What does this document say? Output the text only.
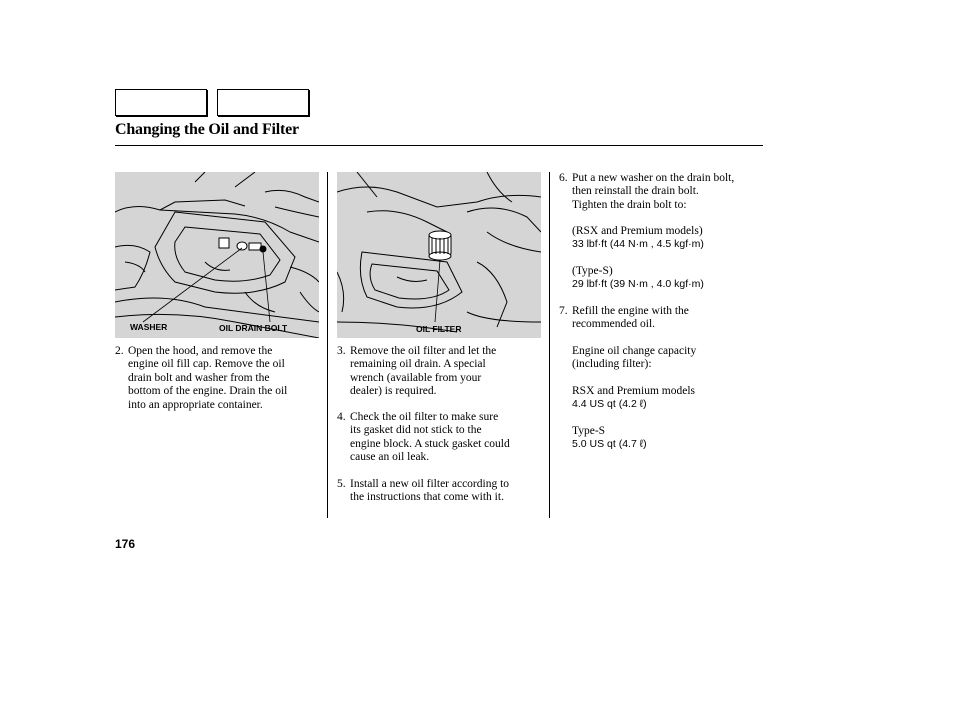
Changing the Oil and Filter
WASHER	OIL DRAIN BOLT	OIL FILTER
2. Open the hood, and remove the
engine oil fill cap. Remove the oil
drain bolt and washer from the
bottom of the engine. Drain the oil
into an appropriate container.
3. Remove the oil filter and let the
remaining oil drain. A special
wrench (available from your
dealer) is required.
4. Check the oil filter to make sure
its gasket did not stick to the
engine block. A stuck gasket could
cause an oil leak.
5. Install a new oil filter according to
the instructions that come with it.
6. Put a new washer on the drain bolt,
then reinstall the drain bolt.
Tighten the drain bolt to:
(RSX and Premium models)
33 lbf·ft (44 N·m , 4.5 kgf·m)
(Type-S)
29 lbf·ft (39 N·m , 4.0 kgf·m)
7. Refill the engine with the
recommended oil.
Engine oil change capacity
(including filter):
RSX and Premium models
4.4 US qt (4.2 ℓ)
Type-S
5.0 US qt (4.7 ℓ)
176
